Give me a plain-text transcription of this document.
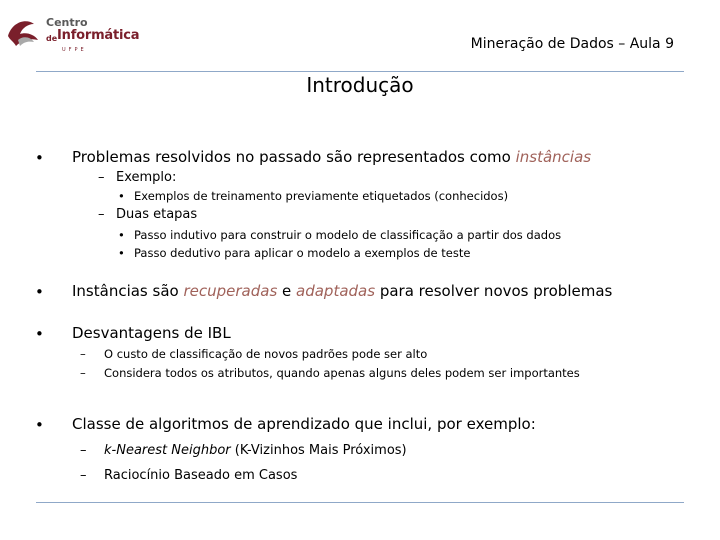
Centro
de Informática
UFPE	Mineração de Dados – Aula 9
Introdução
• Problemas resolvidos no passado são representados como instâncias
– Exemplo:
• Exemplos de treinamento previamente etiquetados (conhecidos)
– Duas etapas
• Passo indutivo para construir o modelo de classificação a partir dos dados
• Passo dedutivo para aplicar o modelo a exemplos de teste
• Instâncias são recuperadas e adaptadas para resolver novos problemas
• Desvantagens de IBL
– O custo de classificação de novos padrões pode ser alto
– Considera todos os atributos, quando apenas alguns deles podem ser importantes
• Classe de algoritmos de aprendizado que inclui, por exemplo:
– k-Nearest Neighbor (K-Vizinhos Mais Próximos)
– Raciocínio Baseado em Casos
